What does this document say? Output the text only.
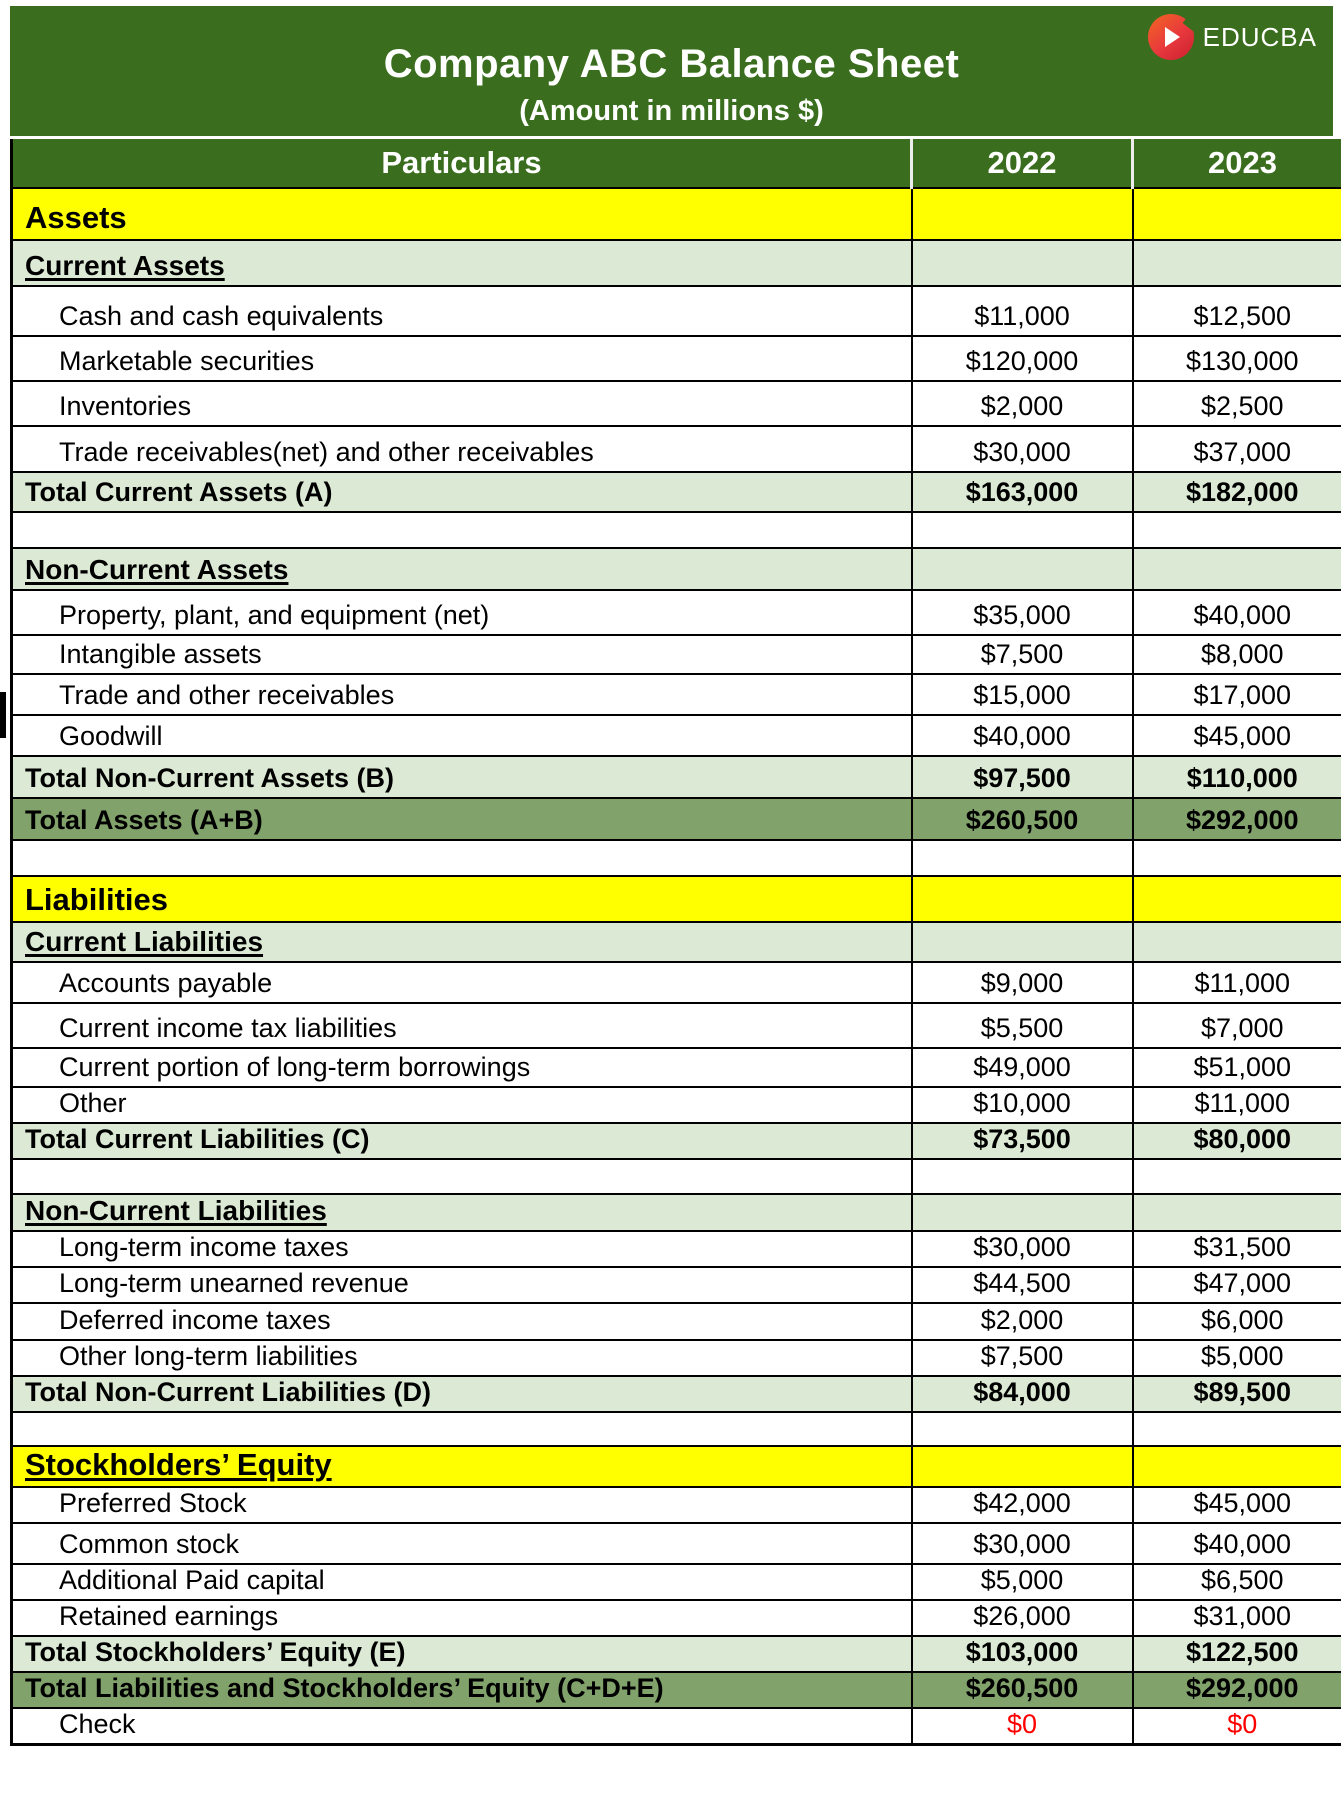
EDUCBA
Company ABC Balance Sheet
(Amount in millions $)
Particulars	2022	2023
Assets		
Current Assets		
Cash and cash equivalents	$11,000	$12,500
Marketable securities	$120,000	$130,000
Inventories	$2,000	$2,500
Trade receivables(net) and other receivables	$30,000	$37,000
Total Current Assets (A)	$163,000	$182,000

Non-Current Assets		
Property, plant, and equipment (net)	$35,000	$40,000
Intangible assets	$7,500	$8,000
Trade and other receivables	$15,000	$17,000
Goodwill	$40,000	$45,000
Total Non-Current Assets (B)	$97,500	$110,000
Total Assets (A+B)	$260,500	$292,000

Liabilities		
Current Liabilities		
Accounts payable	$9,000	$11,000
Current income tax liabilities	$5,500	$7,000
Current portion of long-term borrowings	$49,000	$51,000
Other	$10,000	$11,000
Total Current Liabilities (C)	$73,500	$80,000

Non-Current Liabilities		
Long-term income taxes	$30,000	$31,500
Long-term unearned revenue	$44,500	$47,000
Deferred income taxes	$2,000	$6,000
Other long-term liabilities	$7,500	$5,000
Total Non-Current Liabilities (D)	$84,000	$89,500

Stockholders’ Equity		
Preferred Stock	$42,000	$45,000
Common stock	$30,000	$40,000
Additional Paid capital	$5,000	$6,500
Retained earnings	$26,000	$31,000
Total Stockholders’ Equity (E)	$103,000	$122,500
Total Liabilities and Stockholders’ Equity (C+D+E)	$260,500	$292,000
Check	$0	$0
